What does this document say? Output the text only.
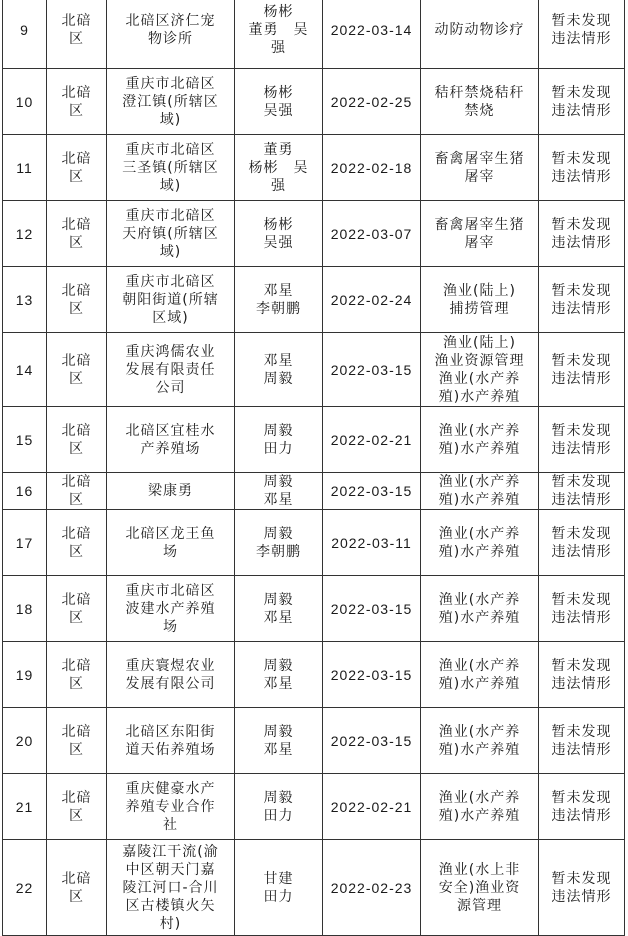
9	北碚
区	北碚区济仁宠
物诊所	杨彬
董勇　吴
强	2022-03-14	动防动物诊疗	暂未发现
违法情形

10	北碚
区	重庆市北碚区
澄江镇(所辖区
域)	杨彬
吴强	2022-02-25	秸秆禁烧秸秆
禁烧	暂未发现
违法情形

11	北碚
区	重庆市北碚区
三圣镇(所辖区
域)	董勇
杨彬　吴
强	2022-02-18	畜禽屠宰生猪
屠宰	暂未发现
违法情形

12	北碚
区	重庆市北碚区
天府镇(所辖区
域)	杨彬
吴强	2022-03-07	畜禽屠宰生猪
屠宰	暂未发现
违法情形

13	北碚
区	重庆市北碚区
朝阳街道(所辖
区域)	邓星
李朝鹏	2022-02-24	渔业(陆上)
捕捞管理	暂未发现
违法情形

14	北碚
区	重庆鸿儒农业
发展有限责任
公司	邓星
周毅	2022-03-15	渔业(陆上)
渔业资源管理
渔业(水产养
殖)水产养殖	暂未发现
违法情形

15	北碚
区	北碚区宜桂水
产养殖场	周毅
田力	2022-02-21	渔业(水产养
殖)水产养殖	暂未发现
违法情形

16	北碚
区	梁康勇	周毅
邓星	2022-03-15	渔业(水产养
殖)水产养殖	暂未发现
违法情形

17	北碚
区	北碚区龙王鱼
场	周毅
李朝鹏	2022-03-11	渔业(水产养
殖)水产养殖	暂未发现
违法情形

18	北碚
区	重庆市北碚区
波建水产养殖
场	周毅
邓星	2022-03-15	渔业(水产养
殖)水产养殖	暂未发现
违法情形

19	北碚
区	重庆寰煜农业
发展有限公司	周毅
邓星	2022-03-15	渔业(水产养
殖)水产养殖	暂未发现
违法情形

20	北碚
区	北碚区东阳街
道天佑养殖场	周毅
邓星	2022-03-15	渔业(水产养
殖)水产养殖	暂未发现
违法情形

21	北碚
区	重庆健豪水产
养殖专业合作
社	周毅
田力	2022-02-21	渔业(水产养
殖)水产养殖	暂未发现
违法情形

22	北碚
区	嘉陵江干流(渝
中区朝天门嘉
陵江河口-合川
区古楼镇火矢
村)	甘建
田力	2022-02-23	渔业(水上非
安全)渔业资
源管理	暂未发现
违法情形
